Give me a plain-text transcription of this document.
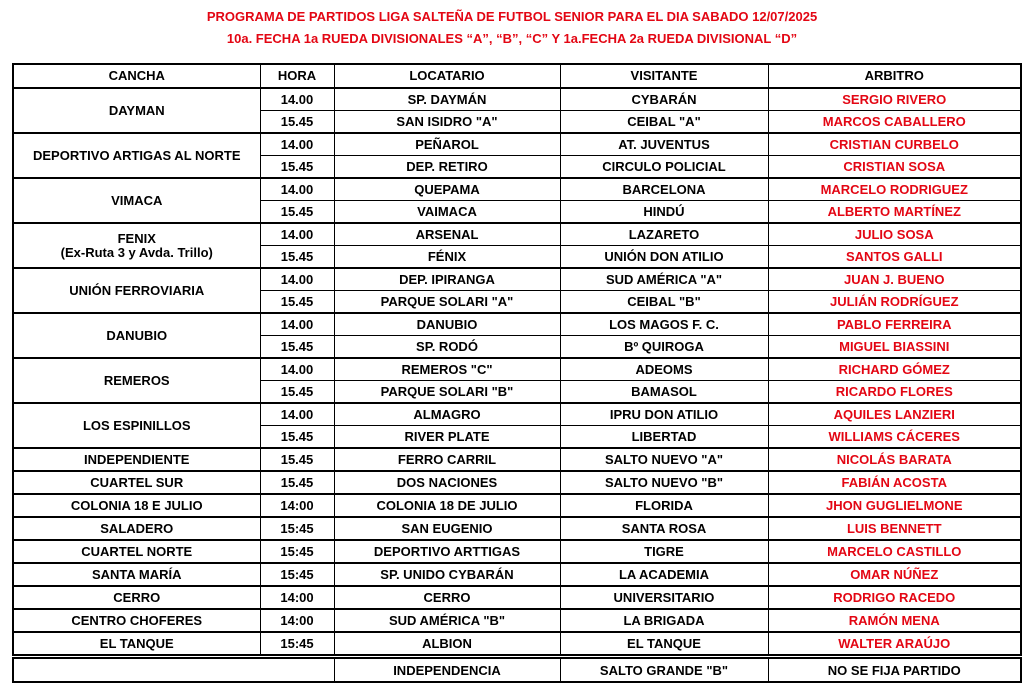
PROGRAMA DE PARTIDOS LIGA SALTEÑA DE FUTBOL SENIOR PARA EL DIA SABADO 12/07/2025
10a. FECHA 1a RUEDA DIVISIONALES “A”, “B”, “C” Y 1a.FECHA 2a RUEDA DIVISIONAL “D”
CANCHA	HORA	LOCATARIO	VISITANTE	ARBITRO
DAYMAN	14.00	SP. DAYMÁN	CYBARÁN	SERGIO RIVERO
	15.45	SAN ISIDRO "A"	CEIBAL "A"	MARCOS CABALLERO
DEPORTIVO ARTIGAS AL NORTE	14.00	PEÑAROL	AT. JUVENTUS	CRISTIAN CURBELO
	15.45	DEP. RETIRO	CIRCULO POLICIAL	CRISTIAN SOSA
VIMACA	14.00	QUEPAMA	BARCELONA	MARCELO RODRIGUEZ
	15.45	VAIMACA	HINDÚ	ALBERTO MARTÍNEZ
FENIX
(Ex-Ruta 3 y Avda. Trillo)	14.00	ARSENAL	LAZARETO	JULIO SOSA
	15.45	FÉNIX	UNIÓN DON ATILIO	SANTOS GALLI
UNIÓN FERROVIARIA	14.00	DEP. IPIRANGA	SUD AMÉRICA "A"	JUAN J. BUENO
	15.45	PARQUE SOLARI "A"	CEIBAL "B"	JULIÁN RODRÍGUEZ
DANUBIO	14.00	DANUBIO	LOS MAGOS F. C.	PABLO FERREIRA
	15.45	SP. RODÓ	Bº QUIROGA	MIGUEL BIASSINI
REMEROS	14.00	REMEROS "C"	ADEOMS	RICHARD GÓMEZ
	15.45	PARQUE SOLARI "B"	BAMASOL	RICARDO FLORES
LOS ESPINILLOS	14.00	ALMAGRO	IPRU DON ATILIO	AQUILES LANZIERI
	15.45	RIVER PLATE	LIBERTAD	WILLIAMS CÁCERES
INDEPENDIENTE	15.45	FERRO CARRIL	SALTO NUEVO "A"	NICOLÁS BARATA
CUARTEL SUR	15.45	DOS NACIONES	SALTO NUEVO "B"	FABIÁN ACOSTA
COLONIA 18 E JULIO	14:00	COLONIA 18 DE JULIO	FLORIDA	JHON GUGLIELMONE
SALADERO	15:45	SAN EUGENIO	SANTA ROSA	LUIS BENNETT
CUARTEL NORTE	15:45	DEPORTIVO ARTTIGAS	TIGRE	MARCELO CASTILLO
SANTA MARÍA	15:45	SP. UNIDO CYBARÁN	LA ACADEMIA	OMAR NÚÑEZ
CERRO	14:00	CERRO	UNIVERSITARIO	RODRIGO RACEDO
CENTRO CHOFERES	14:00	SUD AMÉRICA "B"	LA BRIGADA	RAMÓN MENA
EL TANQUE	15:45	ALBION	EL TANQUE	WALTER ARAÚJO
	INDEPENDENCIA	SALTO GRANDE "B"	NO SE FIJA PARTIDO
